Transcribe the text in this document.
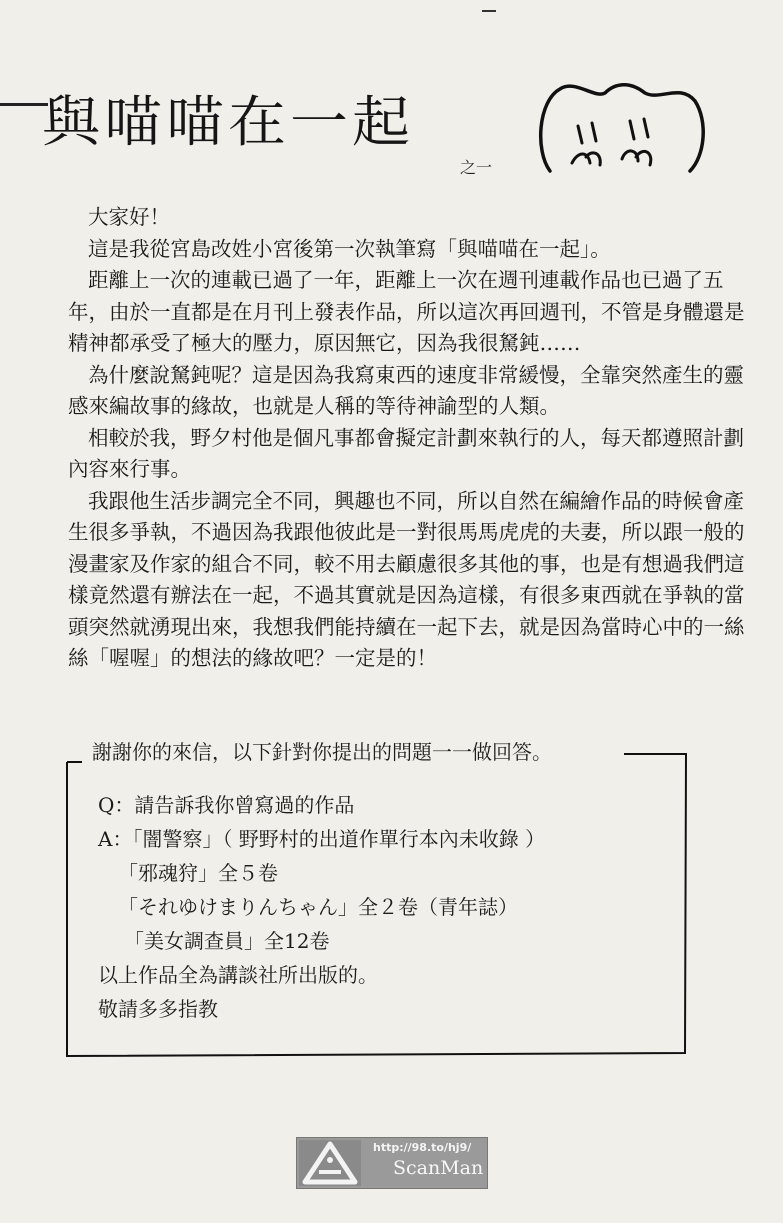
與喵喵在一起
之一

大家好！

這是我從宮島改姓小宮後第一次執筆寫「與喵喵在一起」。

距離上一次的連載已過了一年，距離上一次在週刊連載作品也已過了五年，由於一直都是在月刊上發表作品，所以這次再回週刊，不管是身體還是精神都承受了極大的壓力，原因無它，因為我很駑鈍……

為什麼說駑鈍呢？這是因為我寫東西的速度非常緩慢，全靠突然產生的靈感來編故事的緣故，也就是人稱的等待神諭型的人類。

相較於我，野夕村他是個凡事都會擬定計劃來執行的人，每天都遵照計劃內容來行事。

我跟他生活步調完全不同，興趣也不同，所以自然在編繪作品的時候會產生很多爭執，不過因為我跟他彼此是一對很馬馬虎虎的夫妻，所以跟一般的漫畫家及作家的組合不同，較不用去顧慮很多其他的事，也是有想過我們這樣竟然還有辦法在一起，不過其實就是因為這樣，有很多東西就在爭執的當頭突然就湧現出來，我想我們能持續在一起下去，就是因為當時心中的一絲絲「喔喔」的想法的緣故吧？一定是的！

謝謝你的來信，以下針對你提出的問題一一做回答。
Q：請告訴我你曾寫過的作品
A：「闇警察」（ 野野村的出道作單行本內未收錄 ）
「邪魂狩」全５卷
「それゆけまりんちゃん」全２卷（青年誌）
「美女調查員」全12卷
以上作品全為講談社所出版的。
敬請多多指教
http://98.to/hj9/
ScanMan
